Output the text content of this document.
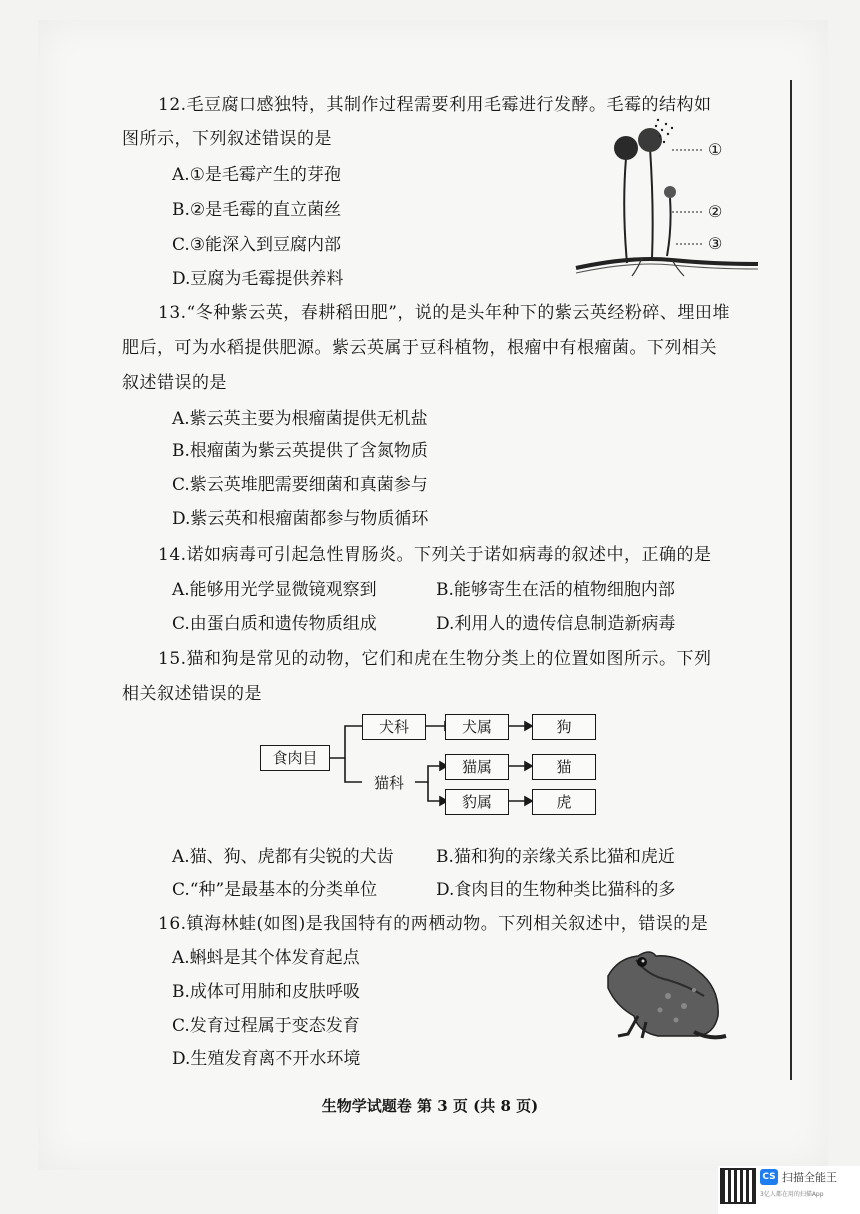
12.毛豆腐口感独特，其制作过程需要利用毛霉进行发酵。毛霉的结构如
图所示，下列叙述错误的是
A.①是毛霉产生的芽孢
B.②是毛霉的直立菌丝
C.③能深入到豆腐内部
D.豆腐为毛霉提供养料
①
②
③
13.“冬种紫云英，春耕稻田肥”，说的是头年种下的紫云英经粉碎、埋田堆
肥后，可为水稻提供肥源。紫云英属于豆科植物，根瘤中有根瘤菌。下列相关
叙述错误的是
A.紫云英主要为根瘤菌提供无机盐
B.根瘤菌为紫云英提供了含氮物质
C.紫云英堆肥需要细菌和真菌参与
D.紫云英和根瘤菌都参与物质循环
14.诺如病毒可引起急性胃肠炎。下列关于诺如病毒的叙述中，正确的是
A.能够用光学显微镜观察到	B.能够寄生在活的植物细胞内部
C.由蛋白质和遗传物质组成	D.利用人的遗传信息制造新病毒
15.猫和狗是常见的动物，它们和虎在生物分类上的位置如图所示。下列
相关叙述错误的是
食肉目
犬科	犬属	狗
猫科
猫属	猫
豹属	虎
A.猫、狗、虎都有尖锐的犬齿 B.猫和狗的亲缘关系比猫和虎近
C.“种”是最基本的分类单位	D.食肉目的生物种类比猫科的多
16.镇海林蛙(如图)是我国特有的两栖动物。下列相关叙述中，错误的是
A.蝌蚪是其个体发育起点
B.成体可用肺和皮肤呼吸
C.发育过程属于变态发育
D.生殖发育离不开水环境
生物学试题卷 第 3 页 (共 8 页)
CS 扫描全能王
3亿人都在用的扫描App
